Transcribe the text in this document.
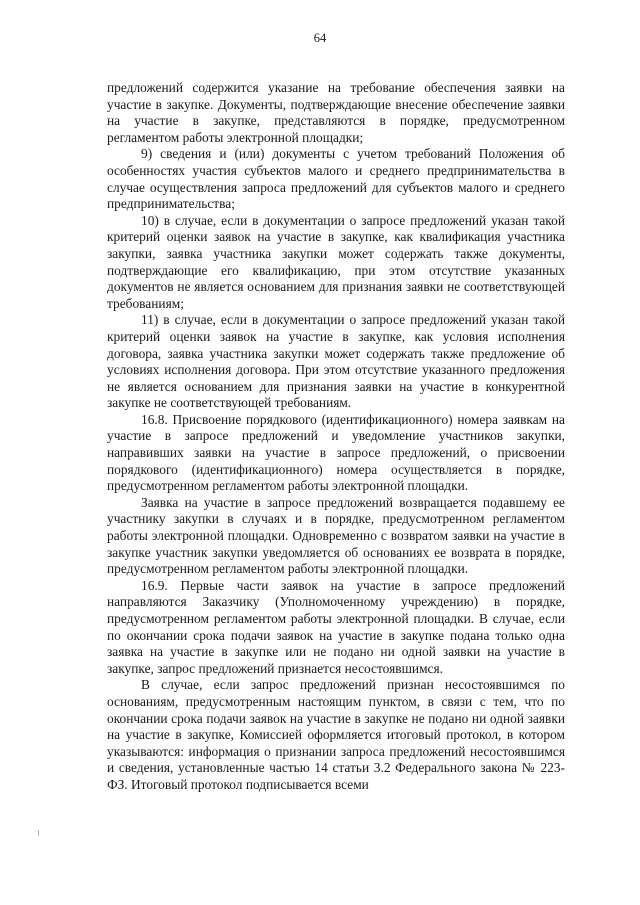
64

предложений содержится указание на требование обеспечения заявки на участие в закупке. Документы, подтверждающие внесение обеспечение заявки на участие в закупке, представляются в порядке, предусмотренном регламентом работы электронной площадки;

9) сведения и (или) документы с учетом требований Положения об особенностях участия субъектов малого и среднего предпринимательства в случае осуществления запроса предложений для субъектов малого и среднего предпринимательства;

10) в случае, если в документации о запросе предложений указан такой критерий оценки заявок на участие в закупке, как квалификация участника закупки, заявка участника закупки может содержать также документы, подтверждающие его квалификацию, при этом отсутствие указанных документов не является основанием для признания заявки не соответствующей требованиям;

11) в случае, если в документации о запросе предложений указан такой критерий оценки заявок на участие в закупке, как условия исполнения договора, заявка участника закупки может содержать также предложение об условиях исполнения договора. При этом отсутствие указанного предложения не является основанием для признания заявки на участие в конкурентной закупке не соответствующей требованиям.

16.8. Присвоение порядкового (идентификационного) номера заявкам на участие в запросе предложений и уведомление участников закупки, направивших заявки на участие в запросе предложений, о присвоении порядкового (идентификационного) номера осуществляется в порядке, предусмотренном регламентом работы электронной площадки.

Заявка на участие в запросе предложений возвращается подавшему ее участнику закупки в случаях и в порядке, предусмотренном регламентом работы электронной площадки. Одновременно с возвратом заявки на участие в закупке участник закупки уведомляется об основаниях ее возврата в порядке, предусмотренном регламентом работы электронной площадки.

16.9. Первые части заявок на участие в запросе предложений направляются Заказчику (Уполномоченному учреждению) в порядке, предусмотренном регламентом работы электронной площадки. В случае, если по окончании срока подачи заявок на участие в закупке подана только одна заявка на участие в закупке или не подано ни одной заявки на участие в закупке, запрос предложений признается несостоявшимся.

В случае, если запрос предложений признан несостоявшимся по основаниям, предусмотренным настоящим пунктом, в связи с тем, что по окончании срока подачи заявок на участие в закупке не подано ни одной заявки на участие в закупке, Комиссией оформляется итоговый протокол, в котором указываются: информация о признании запроса предложений несостоявшимся и сведения, установленные частью 14 статьи 3.2 Федерального закона № 223-ФЗ. Итоговый протокол подписывается всеми
